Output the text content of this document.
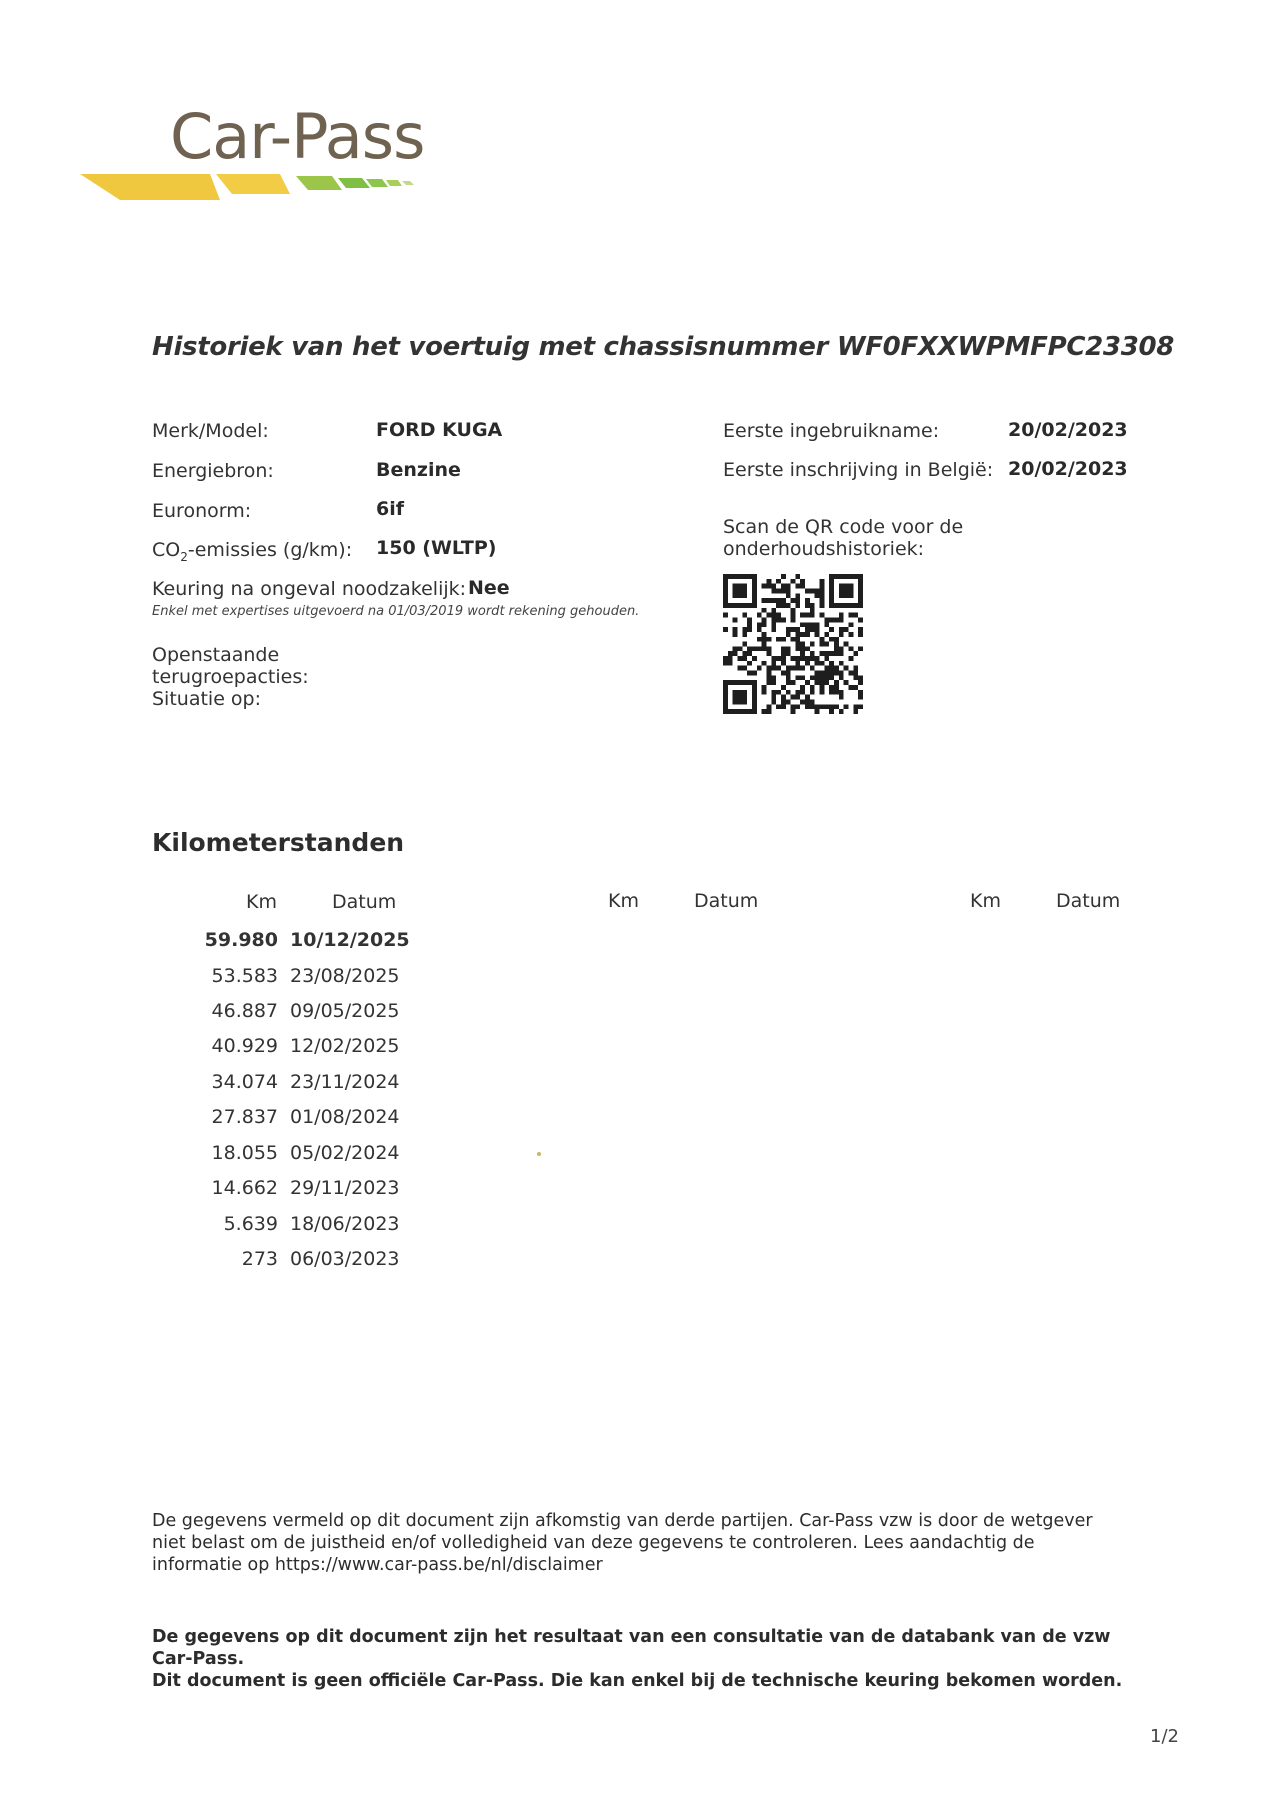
Car-Pass
Historiek van het voertuig met chassisnummer WF0FXXWPMFPC23308
Merk/Model:	FORD KUGA
Energiebron:	Benzine
Euronorm:	6if
$CO_2$-emissies (g/km): 150 (WLTP)
Keuring na ongeval noodzakelijk: Nee
Enkel met expertises uitgevoerd na 01/03/2019 wordt rekening gehouden.
Openstaande
terugroepacties:
Situatie op:
Eerste ingebruikname:	20/02/2023
Eerste inschrijving in België: 20/02/2023
Scan de QR code voor de
onderhoudshistoriek:
Kilometerstanden
Km	Datum	Km	Datum	Km	Datum
59.980 10/12/2025
53.583 23/08/2025
46.887 09/05/2025
40.929 12/02/2025
34.074 23/11/2024
27.837 01/08/2024
18.055 05/02/2024
14.662 29/11/2023
5.639 18/06/2023
273 06/03/2023
De gegevens vermeld op dit document zijn afkomstig van derde partijen. Car-Pass vzw is door de wetgever
niet belast om de juistheid en/of volledigheid van deze gegevens te controleren. Lees aandachtig de
informatie op https://www.car-pass.be/nl/disclaimer
De gegevens op dit document zijn het resultaat van een consultatie van de databank van de vzw Car-Pass.
Dit document is geen officiële Car-Pass. Die kan enkel bij de technische keuring bekomen worden.
1/2
